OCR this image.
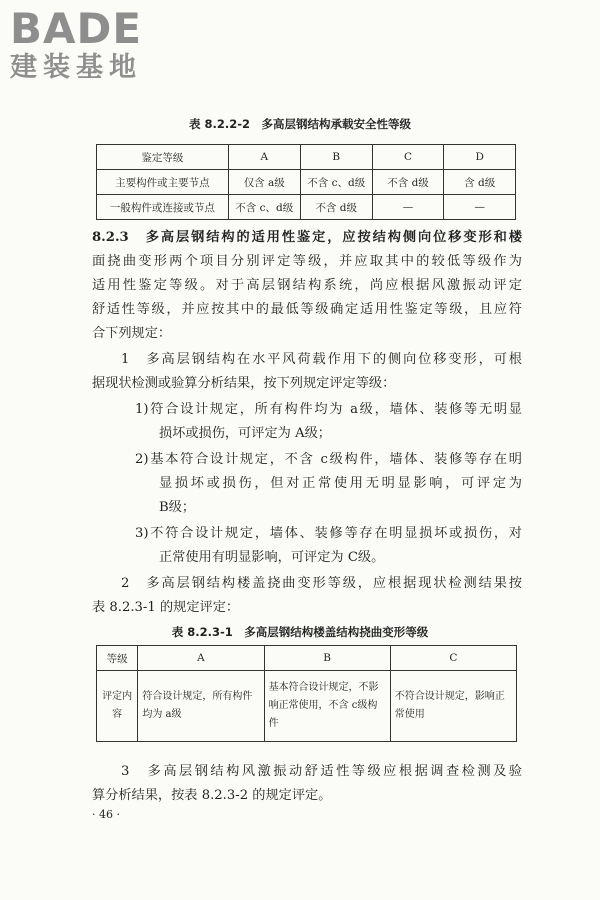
BADE
建装基地
表 8.2.2-2　多高层钢结构承载安全性等级
鉴定等级	A	B	C	D
主要构件或主要节点	仅含 a级	不含 c、d级	不含 d级	含 d级
一般构件或连接或节点	不含 c、d级	不含 d级	—	—
8.2.3　多高层钢结构的适用性鉴定，应按结构侧向位移变形和楼
面挠曲变形两个项目分别评定等级，并应取其中的较低等级作为
适用性鉴定等级。对于高层钢结构系统，尚应根据风激振动评定
舒适性等级，并应按其中的最低等级确定适用性鉴定等级，且应符
合下列规定：
1　多高层钢结构在水平风荷载作用下的侧向位移变形，可根
据现状检测或验算分析结果，按下列规定评定等级：
1)符合设计规定，所有构件均为 a级，墙体、装修等无明显
损坏或损伤，可评定为 A级；
2)基本符合设计规定，不含 c级构件，墙体、装修等存在明
显损坏或损伤，但对正常使用无明显影响，可评定为
B级；
3)不符合设计规定，墙体、装修等存在明显损坏或损伤，对
正常使用有明显影响，可评定为 C级。
2　多高层钢结构楼盖挠曲变形等级，应根据现状检测结果按
表 8.2.3-1 的规定评定：
表 8.2.3-1　多高层钢结构楼盖结构挠曲变形等级
等级	A	B	C
评定内容	符合设计规定，所有构件均为 a级	基本符合设计规定，不影响正常使用，不含 c级构件	不符合设计规定，影响正常使用
3　多高层钢结构风激振动舒适性等级应根据调查检测及验
算分析结果，按表 8.2.3-2 的规定评定。
· 46 ·
